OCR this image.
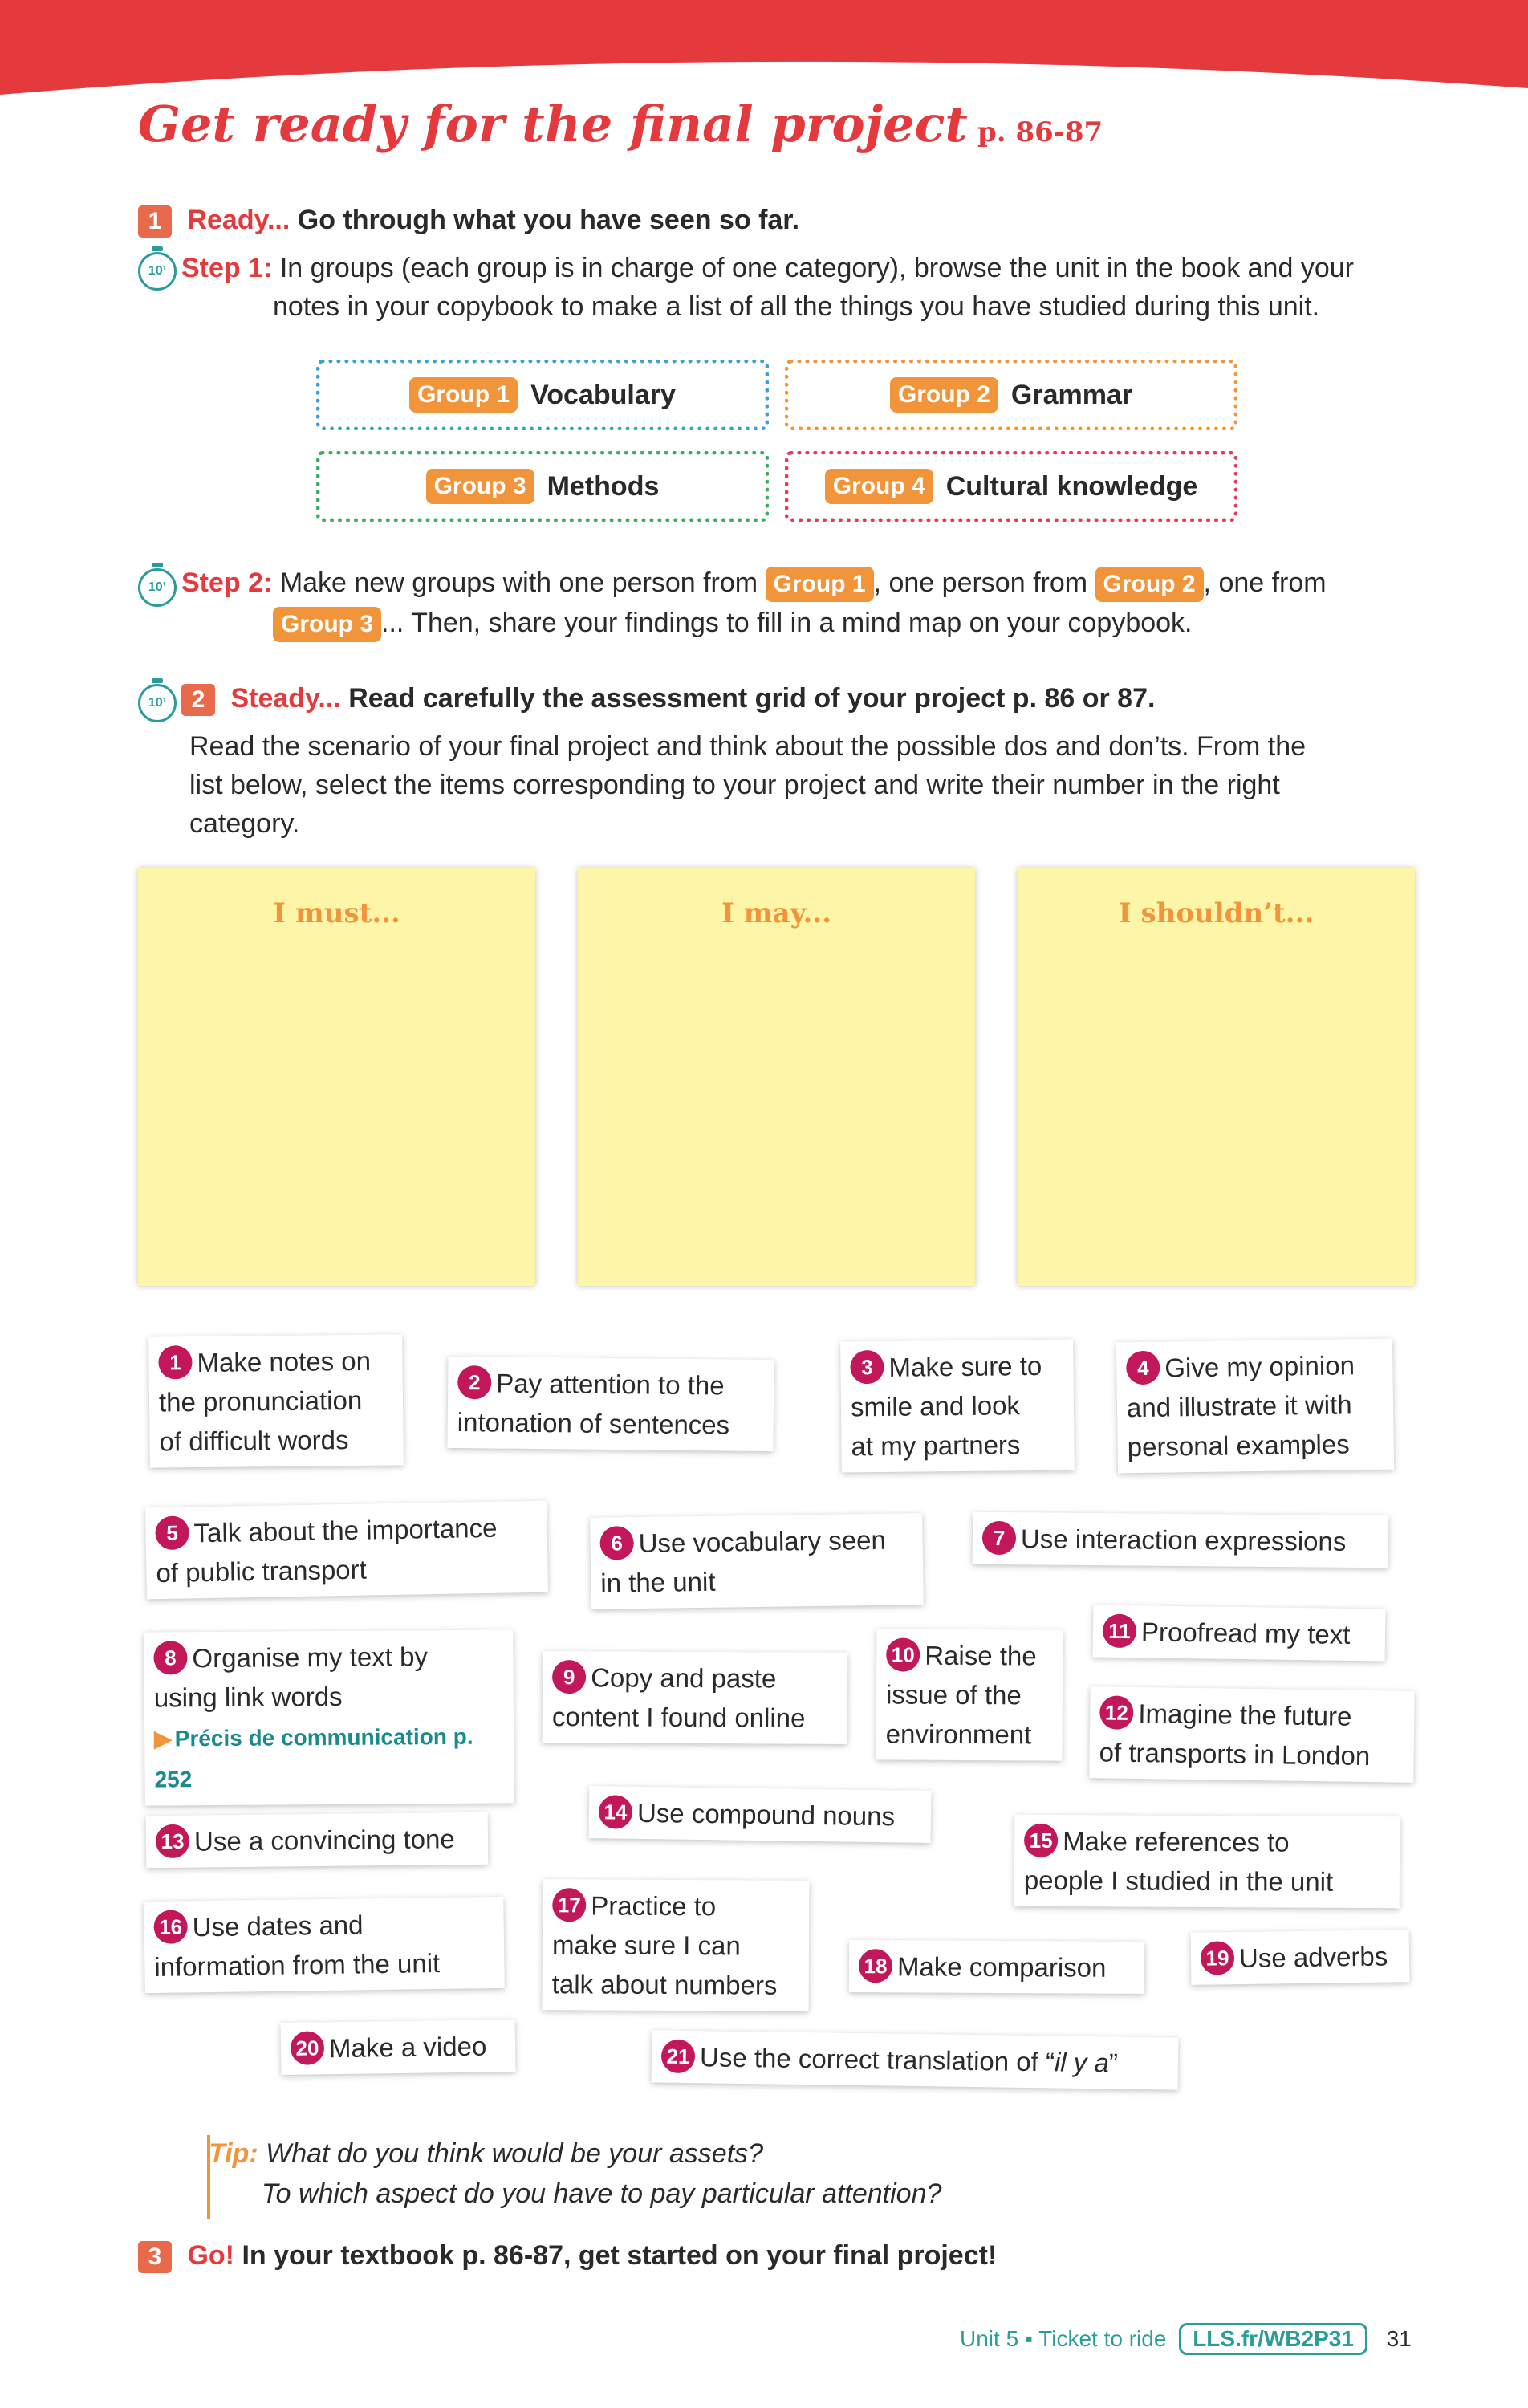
Get ready for the final project p. 86-87
1 Ready... Go through what you have seen so far.
10’ Step 1: In groups (each group is in charge of one category), browse the unit in the book and your
notes in your copybook to make a list of all the things you have studied during this unit.
Group 1 Vocabulary	Group 2 Grammar
Group 3 Methods	Group 4 Cultural knowledge
10’ Step 2: Make new groups with one person from Group 1 , one person from Group 2 , one from
Group 3 ... Then, share your findings to fill in a mind map on your copybook.
10’	2 Steady... Read carefully the assessment grid of your project p. 86 or 87.
Read the scenario of your final project and think about the possible dos and don’ts. From the
list below, select the items corresponding to your project and write their number in the right
category.
I must...	I may...	I shouldn’t...
1 Make notes on
the pronunciation
of difficult words
2 Pay attention to the
intonation of sentences
3 Make sure to
smile and look
at my partners
4 Give my opinion
and illustrate it with
personal examples
5 Talk about the importance
of public transport
6 Use vocabulary seen
in the unit
7 Use interaction expressions
8 Organise my text by
using link words
▶ Précis de communication p. 252
9 Copy and paste
content I found online
10 Raise the
issue of the
environment
11 Proofread my text
12 Imagine the future
of transports in London
13 Use a convincing tone
14 Use compound nouns
15 Make references to
people I studied in the unit
16 Use dates and
information from the unit
17 Practice to
make sure I can
talk about numbers
18 Make comparison	19 Use adverbs
20 Make a video	21 Use the correct translation of “il y a”
Tip: What do you think would be your assets?
To which aspect do you have to pay particular attention?
3 Go! In your textbook p. 86-87, get started on your final project!
Unit 5 ▪ Ticket to ride LLS.fr/WB2P31 31
